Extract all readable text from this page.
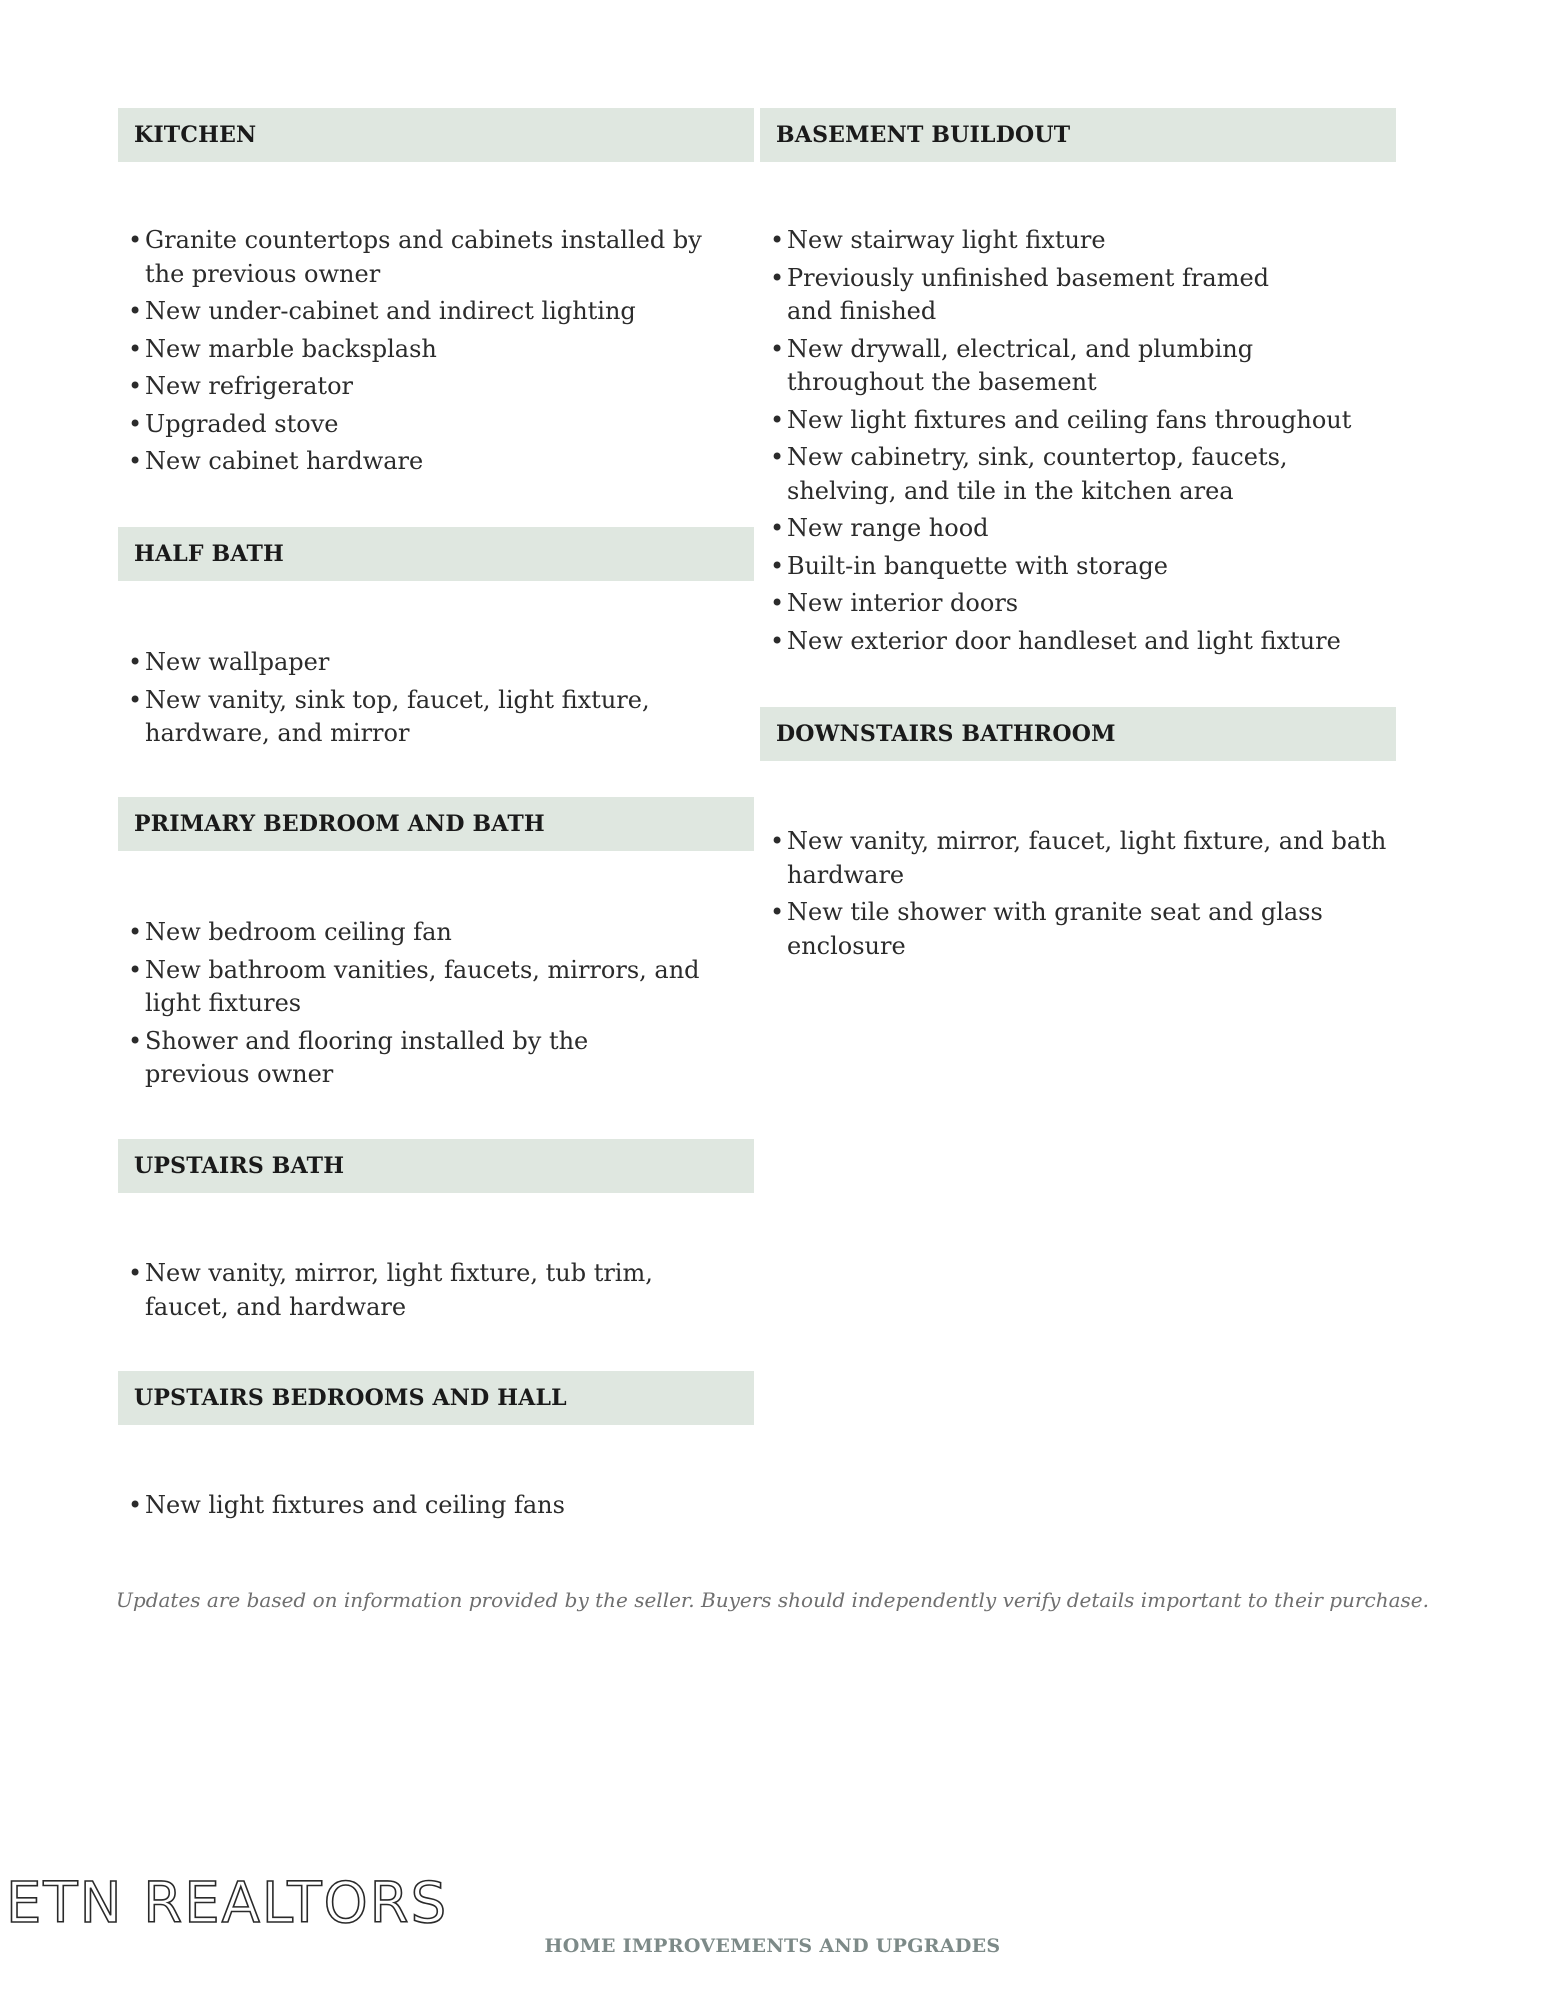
KITCHEN
• Granite countertops and cabinets installed by the previous owner
• New under-cabinet and indirect lighting
• New marble backsplash
• New refrigerator
• Upgraded stove
• New cabinet hardware
HALF BATH
• New wallpaper
• New vanity, sink top, faucet, light fixture, hardware, and mirror
PRIMARY BEDROOM AND BATH
• New bedroom ceiling fan
• New bathroom vanities, faucets, mirrors, and light fixtures
• Shower and flooring installed by the previous owner
UPSTAIRS BATH
• New vanity, mirror, light fixture, tub trim, faucet, and hardware
UPSTAIRS BEDROOMS AND HALL
• New light fixtures and ceiling fans
BASEMENT BUILDOUT
• New stairway light fixture
• Previously unfinished basement framed and finished
• New drywall, electrical, and plumbing throughout the basement
• New light fixtures and ceiling fans throughout
• New cabinetry, sink, countertop, faucets, shelving, and tile in the kitchen area
• New range hood
• Built-in banquette with storage
• New interior doors
• New exterior door handleset and light fixture
DOWNSTAIRS BATHROOM
• New vanity, mirror, faucet, light fixture, and bath hardware
• New tile shower with granite seat and glass enclosure
Updates are based on information provided by the seller. Buyers should independently verify details important to their purchase.
ETN REALTORS
HOME IMPROVEMENTS AND UPGRADES
